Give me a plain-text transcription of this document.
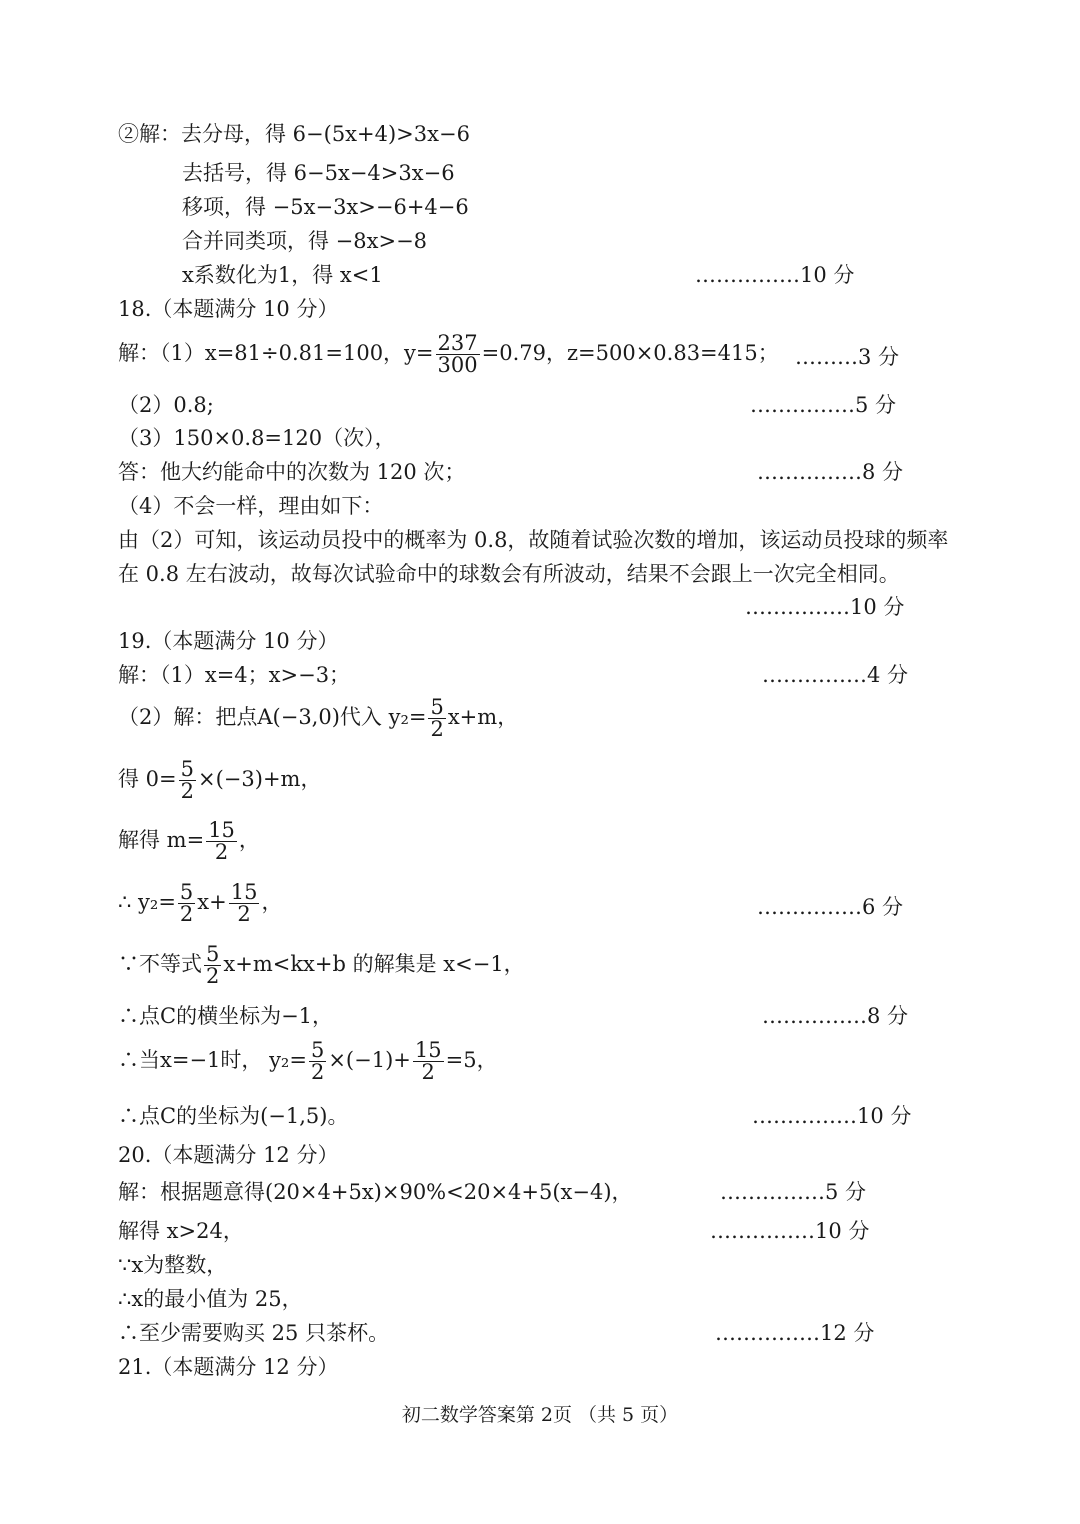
②解：去分母，得 6−(5x+4)>3x−6
去括号，得 6−5x−4>3x−6
移项，得 −5x−3x>−6+4−6
合并同类项，得 −8x>−8
x系数化为1，得 x<1	……………10 分
18.（本题满分 10 分）
解：（1）x=81÷0.81=100，$y= \frac{237}{300} =0.79$，z=500×0.83=415； ………3 分
（2）0.8;	……………5 分
（3）150×0.8=120（次），
答：他大约能命中的次数为 120 次；	……………8 分
（4）不会一样，理由如下：
由（2）可知，该运动员投中的概率为 0.8，故随着试验次数的增加，该运动员投球的频率
在 0.8 左右波动，故每次试验命中的球数会有所波动，结果不会跟上一次完全相同。
……………10 分
19.（本题满分 10 分）
解：（1）x=4；x>−3；	……………4 分
（2）解：把点A(−3,0)代入 $y_2= \frac{5}{2} x+m$，
得 $0= \frac{5}{2} \times(-3)+m$，
解得 $m= \frac{15}{2}$ ，
∴ $y_2= \frac{5}{2} x+ \frac{15}{2}$ ，	……………6 分
∵不等式 $\frac{5}{2} x+m<kx+b$ 的解集是 x<−1，
∴点C的横坐标为−1，	……………8 分
∴当x=−1时， $y_2= \frac{5}{2} \times(-1)+ \frac{15}{2} =5$，
∴点C的坐标为(−1,5)。	……………10 分
20.（本题满分 12 分）
解：根据题意得(20×4+5x)×90%<20×4+5(x−4)，	……………5 分
解得 x>24，	……………10 分
∵x为整数，
∴x的最小值为 25，
∴至少需要购买 25 只茶杯。	……………12 分
21.（本题满分 12 分）
初二数学答案第 2页 （共 5 页）
